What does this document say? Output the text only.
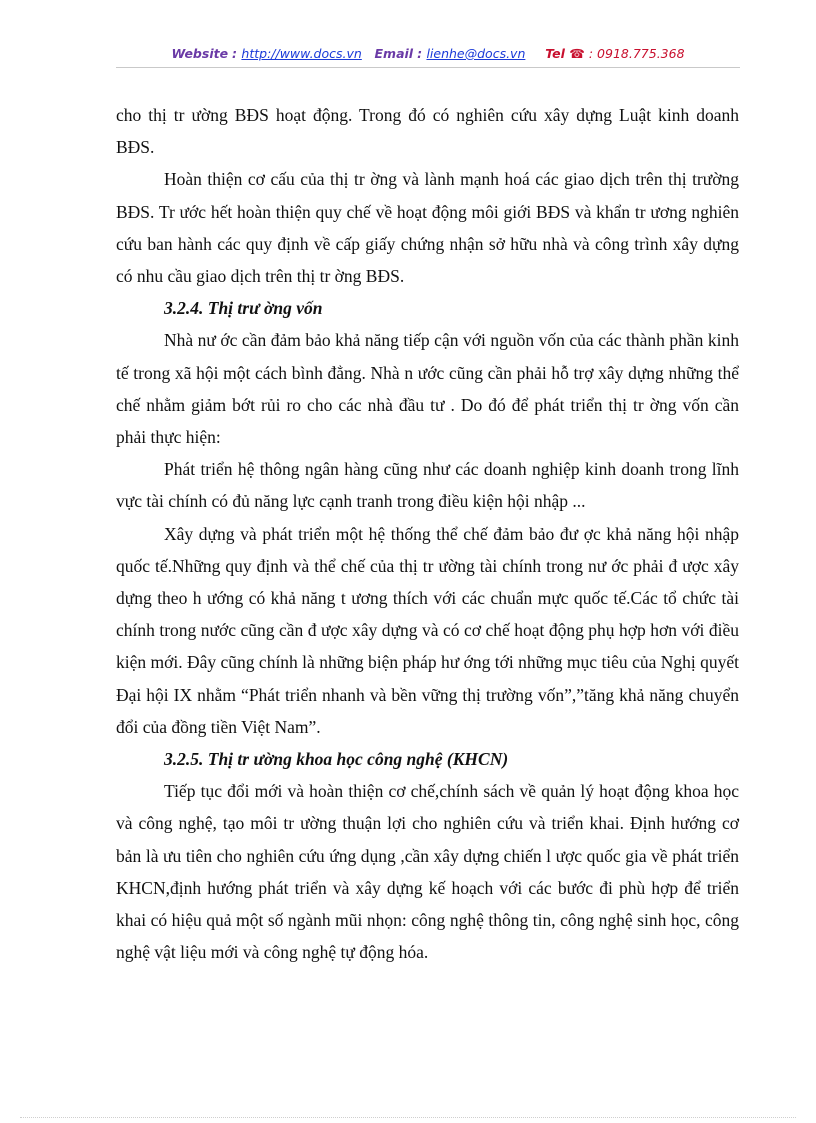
Website : http://www.docs.vn Email : lienhe@docs.vn Tel ☎ : 0918.775.368

cho thị tr ường BĐS hoạt động. Trong đó có nghiên cứu xây dựng Luật kinh doanh BĐS.

Hoàn thiện cơ cấu của thị tr ờng và lành mạnh hoá các giao dịch trên thị trường BĐS. Tr ước hết hoàn thiện quy chế về hoạt động môi giới BĐS và khẩn tr ương nghiên cứu ban hành các quy định về cấp giấy chứng nhận sở hữu nhà và công trình xây dựng có nhu cầu giao dịch trên thị tr ờng BĐS.

3.2.4. Thị trư ờng vốn

Nhà nư ớc cần đảm bảo khả năng tiếp cận với nguồn vốn của các thành phần kinh tế trong xã hội một cách bình đẳng. Nhà n ước cũng cần phải hỗ trợ xây dựng những thể chế nhằm giảm bớt rủi ro cho các nhà đầu tư . Do đó để phát triển thị tr ờng vốn cần phải thực hiện:

Phát triển hệ thông ngân hàng cũng như các doanh nghiệp kinh doanh trong lĩnh vực tài chính có đủ năng lực cạnh tranh trong điều kiện hội nhập ...

Xây dựng và phát triển một hệ thống thể chế đảm bảo đư ợc khả năng hội nhập quốc tế.Những quy định và thể chế của thị tr ường tài chính trong nư ớc phải đ ược xây dựng theo h ướng có khả năng t ương thích với các chuẩn mực quốc tế.Các tổ chức tài chính trong nước cũng cần đ ược xây dựng và có cơ chế hoạt động phụ hợp hơn với điều kiện mới. Đây cũng chính là những biện pháp hư ớng tới những mục tiêu của Nghị quyết Đại hội IX nhằm “Phát triển nhanh và bền vững thị trường vốn”,”tăng khả năng chuyển đổi của đồng tiền Việt Nam”.

3.2.5. Thị tr ường khoa học công nghệ (KHCN)

Tiếp tục đổi mới và hoàn thiện cơ chế,chính sách về quản lý hoạt động khoa học và công nghệ, tạo môi tr ường thuận lợi cho nghiên cứu và triển khai. Định hướng cơ bản là ưu tiên cho nghiên cứu ứng dụng ,cần xây dựng chiến l ược quốc gia về phát triển KHCN,định hướng phát triển và xây dựng kế hoạch với các bước đi phù hợp để triển khai có hiệu quả một số ngành mũi nhọn: công nghệ thông tin, công nghệ sinh học, công nghệ vật liệu mới và công nghệ tự động hóa.
